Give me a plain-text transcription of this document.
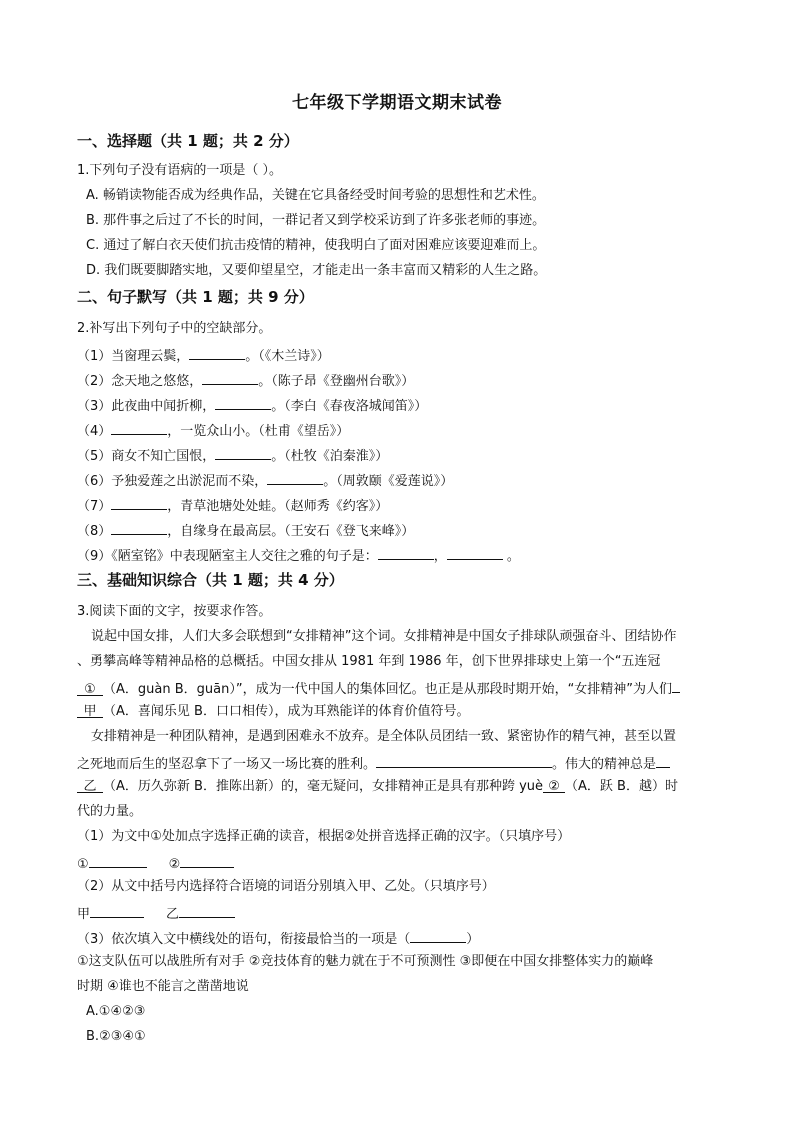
七年级下学期语文期末试卷
一、选择题（共 1 题；共 2 分）
1.下列句子没有语病的一项是（ ）。
A. 畅销读物能否成为经典作品，关键在它具备经受时间考验的思想性和艺术性。
B. 那件事之后过了不长的时间，一群记者又到学校采访到了许多张老师的事迹。
C. 通过了解白衣天使们抗击疫情的精神，使我明白了面对困难应该要迎难而上。
D. 我们既要脚踏实地，又要仰望星空，才能走出一条丰富而又精彩的人生之路。
二、句子默写（共 1 题；共 9 分）
2.补写出下列句子中的空缺部分。
（1）当窗理云鬓，	。（《木兰诗》）
（2）念天地之悠悠，	。（陈子昂《登幽州台歌》）
（3）此夜曲中闻折柳，	。（李白《春夜洛城闻笛》）
（4）	，一览众山小。（杜甫《望岳》）
（5）商女不知亡国恨，	。（杜牧《泊秦淮》）
（6）予独爱莲之出淤泥而不染，	。（周敦颐《爱莲说》）
（7）	，青草池塘处处蛙。（赵师秀《约客》）
（8）	，自缘身在最高层。（王安石《登飞来峰》）
（9）《陋室铭》中表现陋室主人交往之雅的句子是：	，	。
三、基础知识综合（共 1 题；共 4 分）
3.阅读下面的文字，按要求作答。
说起中国女排，人们大多会联想到“女排精神”这个词。女排精神是中国女子排球队顽强奋斗、团结协作
、勇攀高峰等精神品格的总概括。中国女排从 1981 年到 1986 年，创下世界排球史上第一个“五连冠
① （A．guàn B．guān）”，成为一代中国人的集体回忆。也正是从那段时期开始，“女排精神”为人们
甲 （A．喜闻乐见 B．口口相传），成为耳熟能详的体育价值符号。
女排精神是一种团队精神，是遇到困难永不放弃。是全体队员团结一致、紧密协作的精气神，甚至以置
之死地而后生的坚忍拿下了一场又一场比赛的胜利。	。伟大的精神总是
乙 （A．历久弥新 B．推陈出新）的，毫无疑问，女排精神正是具有那种跨 yuè ② （A．跃 B．越）时
代的力量。
（1）为文中①处加点字选择正确的读音，根据②处拼音选择正确的汉字。（只填序号）
①	②
（2）从文中括号内选择符合语境的词语分别填入甲、乙处。（只填序号）
甲	乙
（3）依次填入文中横线处的语句，衔接最恰当的一项是（	）
①这支队伍可以战胜所有对手 ②竞技体育的魅力就在于不可预测性 ③即便在中国女排整体实力的巅峰
时期 ④谁也不能言之凿凿地说
A.①④②③
B.②③④①
